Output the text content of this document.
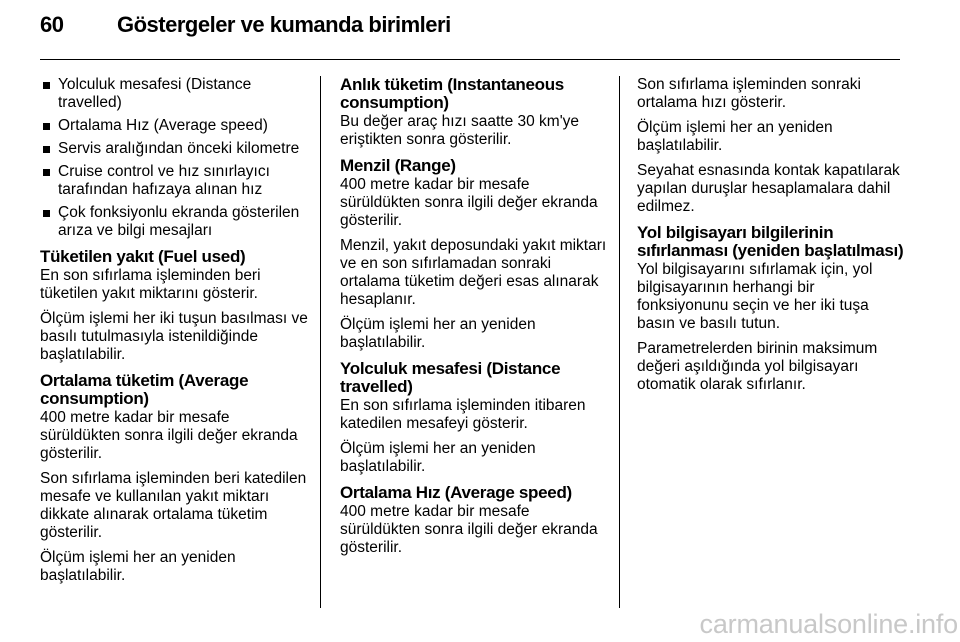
60 Göstergeler ve kumanda birimleri
Yolculuk mesafesi (Distance travelled)
Ortalama Hız (Average speed)
Servis aralığından önceki kilometre
Cruise control ve hız sınırlayıcı tarafından hafızaya alınan hız
Çok fonksiyonlu ekranda gösterilen arıza ve bilgi mesajları
Tüketilen yakıt (Fuel used)

En son sıfırlama işleminden beri tüketilen yakıt miktarını gösterir.

Ölçüm işlemi her iki tuşun basılması ve basılı tutulmasıyla istenildiğinde başlatılabilir.

Ortalama tüketim (Average consumption)

400 metre kadar bir mesafe sürüldükten sonra ilgili değer ekranda gösterilir.

Son sıfırlama işleminden beri katedilen mesafe ve kullanılan yakıt miktarı dikkate alınarak ortalama tüketim gösterilir.

Ölçüm işlemi her an yeniden başlatılabilir.

Anlık tüketim (Instantaneous consumption)

Bu değer araç hızı saatte 30 km'ye eriştikten sonra gösterilir.

Menzil (Range)

400 metre kadar bir mesafe sürüldükten sonra ilgili değer ekranda gösterilir.

Menzil, yakıt deposundaki yakıt miktarı ve en son sıfırlamadan sonraki ortalama tüketim değeri esas alınarak hesaplanır.

Ölçüm işlemi her an yeniden başlatılabilir.

Yolculuk mesafesi (Distance travelled)

En son sıfırlama işleminden itibaren katedilen mesafeyi gösterir.

Ölçüm işlemi her an yeniden başlatılabilir.

Ortalama Hız (Average speed)

400 metre kadar bir mesafe sürüldükten sonra ilgili değer ekranda gösterilir.

Son sıfırlama işleminden sonraki ortalama hızı gösterir.

Ölçüm işlemi her an yeniden başlatılabilir.

Seyahat esnasında kontak kapatılarak yapılan duruşlar hesaplamalara dahil edilmez.

Yol bilgisayarı bilgilerinin sıfırlanması (yeniden başlatılması)

Yol bilgisayarını sıfırlamak için, yol bilgisayarının herhangi bir fonksiyonunu seçin ve her iki tuşa basın ve basılı tutun.

Parametrelerden birinin maksimum değeri aşıldığında yol bilgisayarı otomatik olarak sıfırlanır.

carmanualsonline.info
